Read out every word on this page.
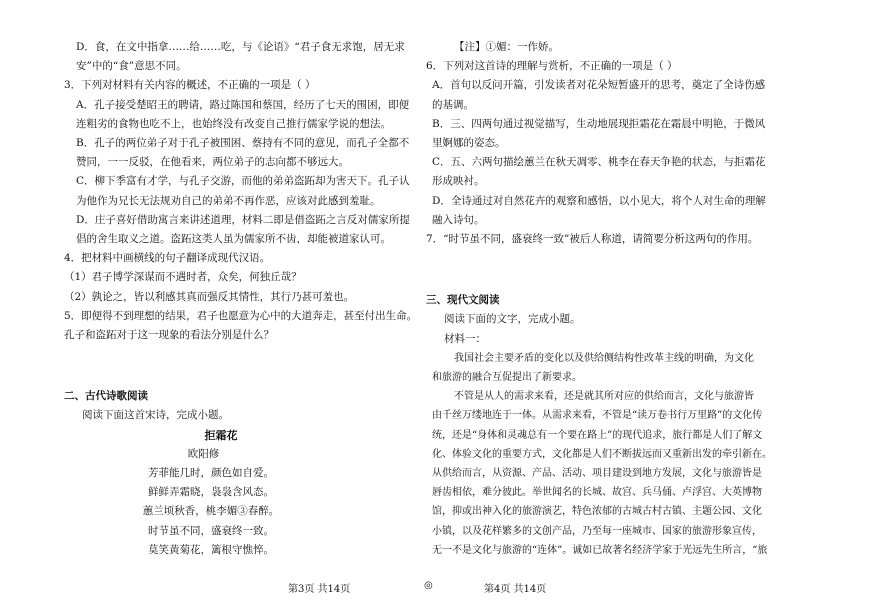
D．食，在文中指拿……给……吃，与《论语》“君子食无求饱，居无求
安”中的“食”意思不同。
3．下列对材料有关内容的概述，不正确的一项是（ ）
A．孔子接受楚昭王的聘请，路过陈国和蔡国，经历了七天的围困，即便
连粗劣的食物也吃不上，也始终没有改变自己推行儒家学说的想法。
B．孔子的两位弟子对于孔子被围困、蔡持有不同的意见，而孔子全都不
赞同，一一反驳，在他看来，两位弟子的志向都不够远大。
C．柳下季富有才学，与孔子交游，而他的弟弟盗跖却为害天下。孔子认
为他作为兄长无法规劝自己的弟弟不再作恶，应该对此感到羞耻。
D．庄子喜好借助寓言来讲述道理，材料二即是借盗跖之言反对儒家所提
倡的舍生取义之道。盗跖这类人虽为儒家所不齿，却能被道家认可。
4．把材料中画横线的句子翻译成现代汉语。
（1）君子博学深谋而不遇时者，众矣，何独丘哉？
（2）孰论之，皆以利感其真而强反其情性，其行乃甚可羞也。
5．即便得不到理想的结果，君子也愿意为心中的大道奔走，甚至付出生命。
孔子和盗跖对于这一现象的看法分别是什么？
二、古代诗歌阅读
阅读下面这首宋诗，完成小题。
拒霜花
欧阳修
芳菲能几时，颜色如自爱。
鲜鲜弄霜晓，袅袅含风态。
蕙兰顷秋香，桃李媚③春醉。
时节虽不同，盛衰终一致。
莫笑黄菊花，篱根守憔悴。
【注】①媚：一作娇。
6．下列对这首诗的理解与赏析，不正确的一项是（ ）
A．首句以反问开篇，引发读者对花朵短暂盛开的思考，奠定了全诗伤感
的基调。
B．三、四两句通过视觉描写，生动地展现拒霜花在霜晨中明艳，于微风
里婀娜的姿态。
C．五、六两句描绘蕙兰在秋天凋零、桃李在春天争艳的状态，与拒霜花
形成映衬。
D．全诗通过对自然花卉的观察和感悟，以小见大，将个人对生命的理解
融入诗句。
7．“时节虽不同，盛衰终一致”被后人称道，请简要分析这两句的作用。
三、现代文阅读
阅读下面的文字，完成小题。
材料一：
我国社会主要矛盾的变化以及供给侧结构性改革主线的明确，为文化
和旅游的融合互促提出了新要求。
不管是从人的需求来看，还是就其所对应的供给而言，文化与旅游皆
由千丝万缕地连于一体。从需求来看，不管是“读万卷书行万里路”的文化传
统，还是“身体和灵魂总有一个要在路上”的现代追求，旅行都是人们了解文
化、体验文化的重要方式，文化都是人们不断拔远而又重新出发的牵引新在。
从供给而言，从资源、产品、活动、项目建设到地方发展，文化与旅游皆是
唇齿相依，难分彼此。举世闻名的长城、故宫、兵马俑、卢浮宫、大英博物
馆，抑或出神入化的旅游演艺，特色浓郁的古城古村古镇、主题公园、文化
小镇，以及花样繁多的文创产品，乃至每一座城市、国家的旅游形象宣传，
无一不是文化与旅游的“连体”。诚如已故著名经济学家于光远先生所言，“旅
第3页 共14页	◎	第4页 共14页
